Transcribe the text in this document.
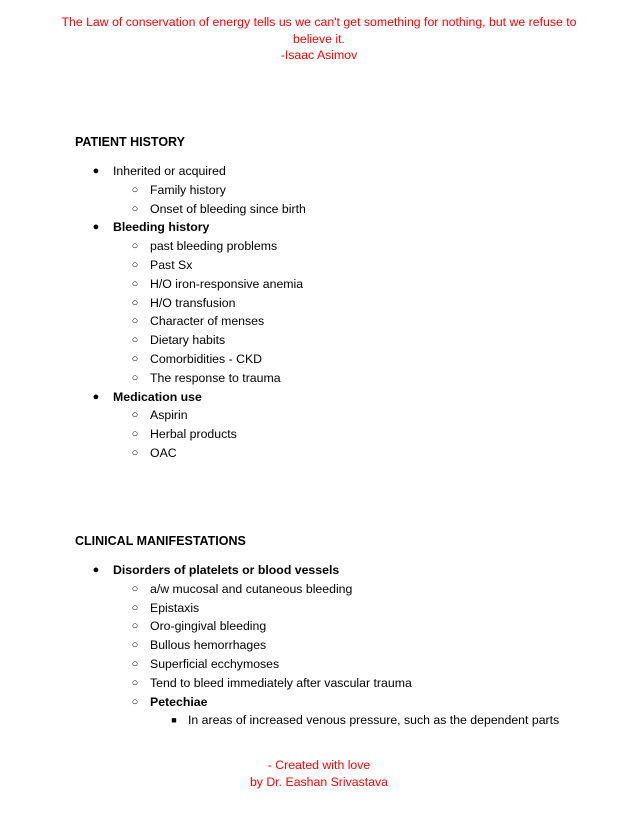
The Law of conservation of energy tells us we can't get something for nothing, but we refuse to
believe it.
-Isaac Asimov
PATIENT HISTORY
● Inherited or acquired
○ Family history
○ Onset of bleeding since birth
● Bleeding history
○ past bleeding problems
○ Past Sx
○ H/O iron-responsive anemia
○ H/O transfusion
○ Character of menses
○ Dietary habits
○ Comorbidities - CKD
○ The response to trauma
● Medication use
○ Aspirin
○ Herbal products
○ OAC
CLINICAL MANIFESTATIONS
● Disorders of platelets or blood vessels
○ a/w mucosal and cutaneous bleeding
○ Epistaxis
○ Oro-gingival bleeding
○ Bullous hemorrhages
○ Superficial ecchymoses
○ Tend to bleed immediately after vascular trauma
○ Petechiae
■ In areas of increased venous pressure, such as the dependent parts
- Created with love
by Dr. Eashan Srivastava
